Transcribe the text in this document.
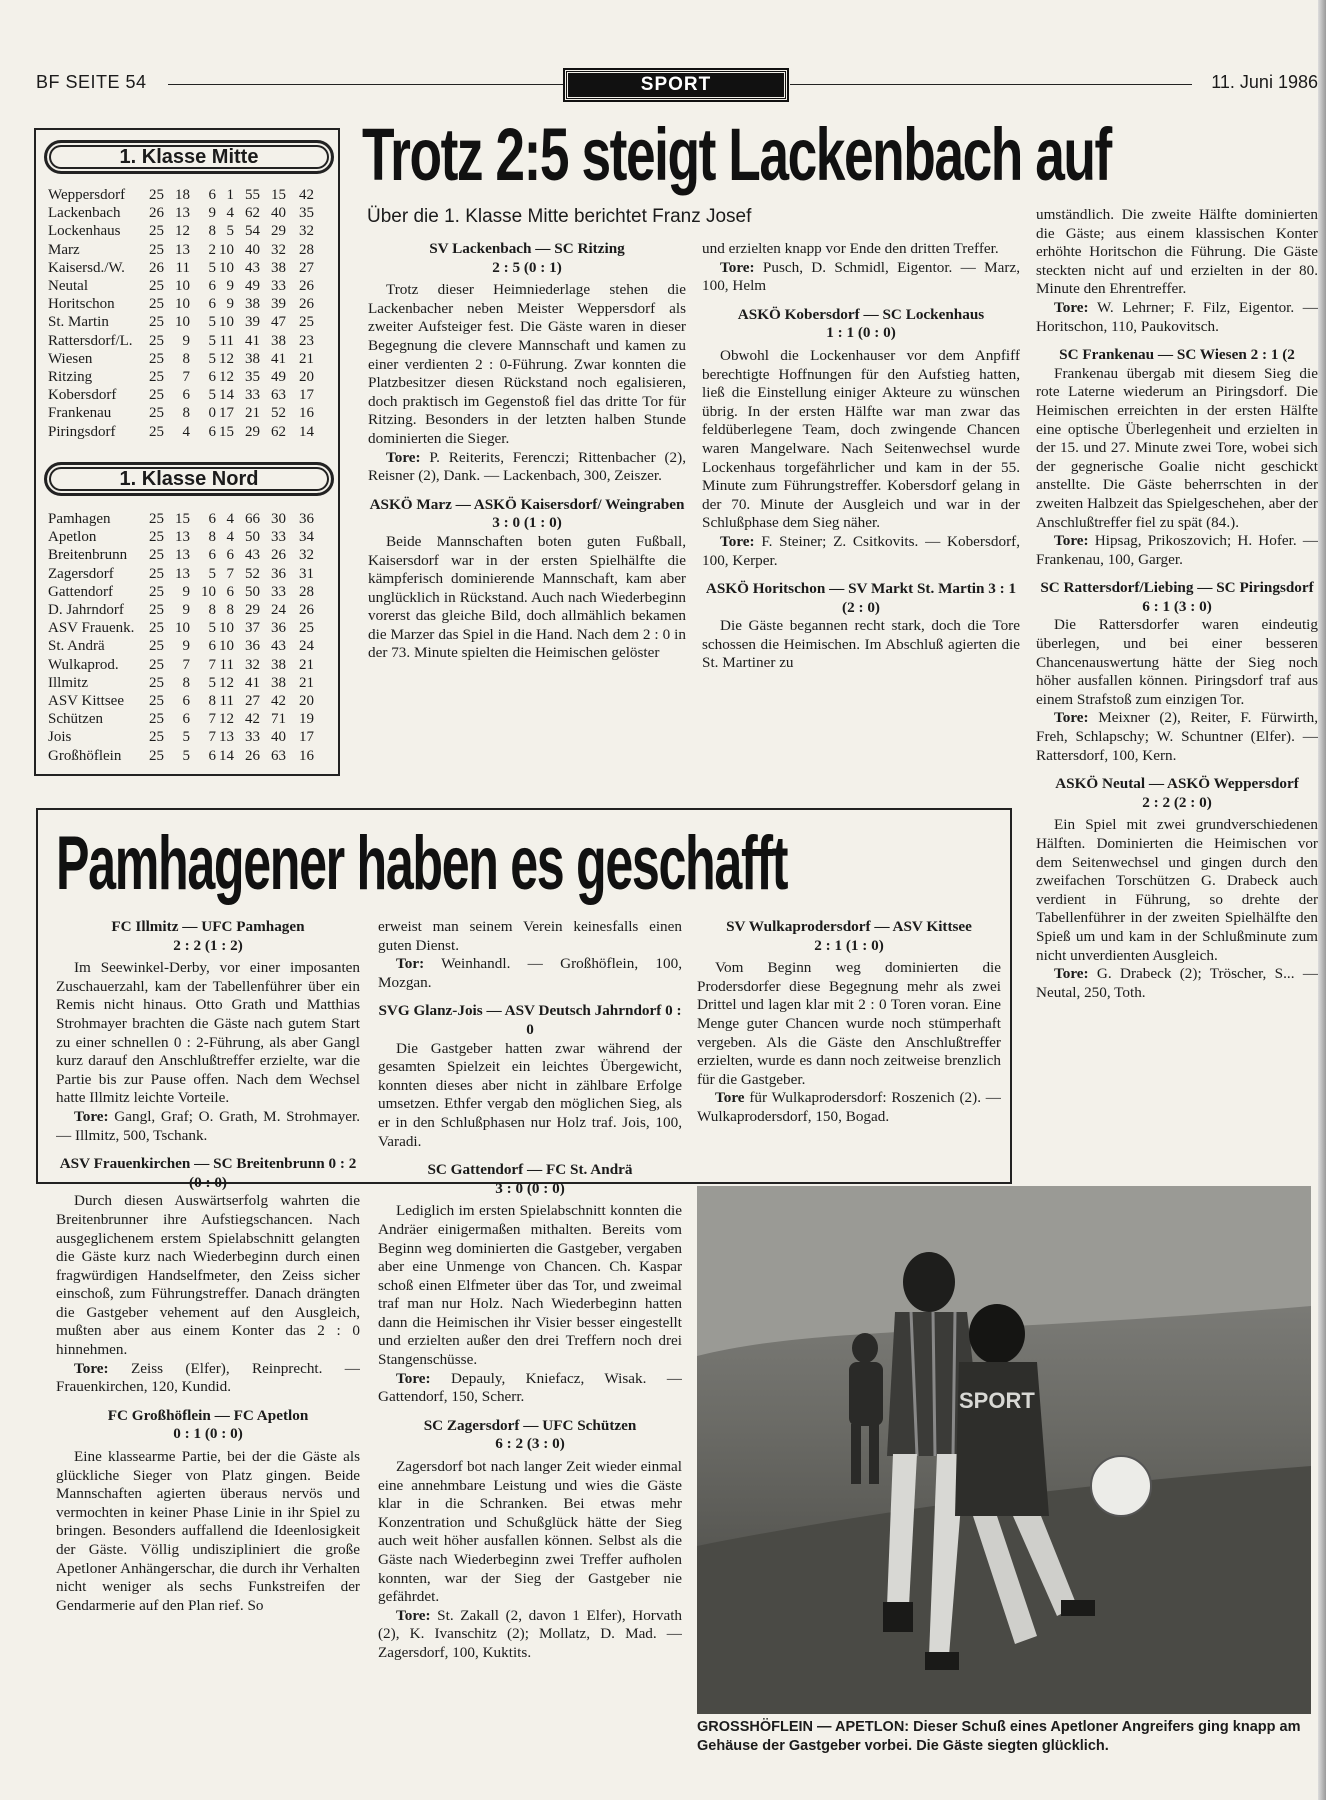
BF SEITE 54	SPORT	11. Juni 1986
1. Klasse Mitte
Weppersdorf	25	18	6	1	55	15	42
Lackenbach	26	13	9	4	62	40	35
Lockenhaus	25	12	8	5	54	29	32
Marz	25	13	2	10	40	32	28
Kaisersd./W.	26	11	5	10	43	38	27
Neutal	25	10	6	9	49	33	26
Horitschon	25	10	6	9	38	39	26
St. Martin	25	10	5	10	39	47	25
Rattersdorf/L.	25	9	5	11	41	38	23
Wiesen	25	8	5	12	38	41	21
Ritzing	25	7	6	12	35	49	20
Kobersdorf	25	6	5	14	33	63	17
Frankenau	25	8	0	17	21	52	16
Piringsdorf	25	4	6	15	29	62	14
1. Klasse Nord
Pamhagen	25	15	6	4	66	30	36
Apetlon	25	13	8	4	50	33	34
Breitenbrunn	25	13	6	6	43	26	32
Zagersdorf	25	13	5	7	52	36	31
Gattendorf	25	9	10	6	50	33	28
D. Jahrndorf	25	9	8	8	29	24	26
ASV Frauenk.	25	10	5	10	37	36	25
St. Andrä	25	9	6	10	36	43	24
Wulkaprod.	25	7	7	11	32	38	21
Illmitz	25	8	5	12	41	38	21
ASV Kittsee	25	6	8	11	27	42	20
Schützen	25	6	7	12	42	71	19
Jois	25	5	7	13	33	40	17
Großhöflein	25	5	6	14	26	63	16
Trotz 2:5 steigt Lackenbach auf
Über die 1. Klasse Mitte berichtet Franz Josef
SV Lackenbach — SC Ritzing
2 : 5 (0 : 1)
Trotz dieser Heimniederlage stehen die Lackenbacher neben Meister Weppersdorf als zweiter Aufsteiger fest. Die Gäste waren in dieser Begegnung die clevere Mannschaft und kamen zu einer verdienten 2 : 0-Führung. Zwar konnten die Platzbesitzer diesen Rückstand noch egalisieren, doch praktisch im Gegenstoß fiel das dritte Tor für Ritzing. Besonders in der letzten halben Stunde dominierten die Sieger.
Tore: P. Reiterits, Ferenczi; Rittenbacher (2), Reisner (2), Dank. — Lackenbach, 300, Zeiszer.
ASKÖ Marz — ASKÖ Kaisersdorf/ Weingraben 3 : 0 (1 : 0)
Beide Mannschaften boten guten Fußball, Kaisersdorf war in der ersten Spielhälfte die kämpferisch dominierende Mannschaft, kam aber unglücklich in Rückstand. Auch nach Wiederbeginn vorerst das gleiche Bild, doch allmählich bekamen die Marzer das Spiel in die Hand. Nach dem 2 : 0 in der 73. Minute spielten die Heimischen gelöster
und erzielten knapp vor Ende den dritten Treffer.
Tore: Pusch, D. Schmidl, Eigentor. — Marz, 100, Helm
ASKÖ Kobersdorf — SC Lockenhaus
1 : 1 (0 : 0)
Obwohl die Lockenhauser vor dem Anpfiff berechtigte Hoffnungen für den Aufstieg hatten, ließ die Einstellung einiger Akteure zu wünschen übrig. In der ersten Hälfte war man zwar das feldüberlegene Team, doch zwingende Chancen waren Mangelware. Nach Seitenwechsel wurde Lockenhaus torgefährlicher und kam in der 55. Minute zum Führungstreffer. Kobersdorf gelang in der 70. Minute der Ausgleich und war in der Schlußphase dem Sieg näher.
Tore: F. Steiner; Z. Csitkovits. — Kobersdorf, 100, Kerper.
ASKÖ Horitschon — SV Markt St. Martin 3 : 1 (2 : 0)
Die Gäste begannen recht stark, doch die Tore schossen die Heimischen. Im Abschluß agierten die St. Martiner zu
umständlich. Die zweite Hälfte dominierten die Gäste; aus einem klassischen Konter erhöhte Horitschon die Führung. Die Gäste steckten nicht auf und erzielten in der 80. Minute den Ehrentreffer.
Tore: W. Lehrner; F. Filz, Eigentor. — Horitschon, 110, Paukovitsch.
SC Frankenau — SC Wiesen 2 : 1 (2
Frankenau übergab mit diesem Sieg die rote Laterne wiederum an Piringsdorf. Die Heimischen erreichten in der ersten Hälfte eine optische Überlegenheit und erzielten in der 15. und 27. Minute zwei Tore, wobei sich der gegnerische Goalie nicht geschickt anstellte. Die Gäste beherrschten in der zweiten Halbzeit das Spielgeschehen, aber der Anschlußtreffer fiel zu spät (84.).
Tore: Hipsag, Prikoszovich; H. Hofer. — Frankenau, 100, Garger.
SC Rattersdorf/Liebing — SC Piringsdorf 6 : 1 (3 : 0)
Die Rattersdorfer waren eindeutig überlegen, und bei einer besseren Chancenauswertung hätte der Sieg noch höher ausfallen können. Piringsdorf traf aus einem Strafstoß zum einzigen Tor.
Tore: Meixner (2), Reiter, F. Fürwirth, Freh, Schlapschy; W. Schuntner (Elfer). — Rattersdorf, 100, Kern.
ASKÖ Neutal — ASKÖ Weppersdorf
2 : 2 (2 : 0)
Ein Spiel mit zwei grundverschiedenen Hälften. Dominierten die Heimischen vor dem Seitenwechsel und gingen durch den zweifachen Torschützen G. Drabeck auch verdient in Führung, so drehte der Tabellenführer in der zweiten Spielhälfte den Spieß um und kam in der Schlußminute zum nicht unverdienten Ausgleich.
Tore: G. Drabeck (2); Tröscher, S... — Neutal, 250, Toth.
Pamhagener haben es geschafft
FC Illmitz — UFC Pamhagen
2 : 2 (1 : 2)
Im Seewinkel-Derby, vor einer imposanten Zuschauerzahl, kam der Tabellenführer über ein Remis nicht hinaus. Otto Grath und Matthias Strohmayer brachten die Gäste nach gutem Start zu einer schnellen 0 : 2-Führung, als aber Gangl kurz darauf den Anschlußtreffer erzielte, war die Partie bis zur Pause offen. Nach dem Wechsel hatte Illmitz leichte Vorteile.
Tore: Gangl, Graf; O. Grath, M. Strohmayer. — Illmitz, 500, Tschank.
ASV Frauenkirchen — SC Breitenbrunn 0 : 2 (0 : 0)
Durch diesen Auswärtserfolg wahrten die Breitenbrunner ihre Aufstiegschancen. Nach ausgeglichenem erstem Spielabschnitt gelangten die Gäste kurz nach Wiederbeginn durch einen fragwürdigen Handselfmeter, den Zeiss sicher einschoß, zum Führungstreffer. Danach drängten die Gastgeber vehement auf den Ausgleich, mußten aber aus einem Konter das 2 : 0 hinnehmen.
Tore: Zeiss (Elfer), Reinprecht. — Frauenkirchen, 120, Kundid.
FC Großhöflein — FC Apetlon
0 : 1 (0 : 0)
Eine klassearme Partie, bei der die Gäste als glückliche Sieger von Platz gingen. Beide Mannschaften agierten überaus nervös und vermochten in keiner Phase Linie in ihr Spiel zu bringen. Besonders auffallend die Ideenlosigkeit der Gäste. Völlig undiszipliniert die große Apetloner Anhängerschar, die durch ihr Verhalten nicht weniger als sechs Funkstreifen der Gendarmerie auf den Plan rief. So
erweist man seinem Verein keinesfalls einen guten Dienst.
Tor: Weinhandl. — Großhöflein, 100, Mozgan.
SVG Glanz-Jois — ASV Deutsch Jahrndorf 0 : 0
Die Gastgeber hatten zwar während der gesamten Spielzeit ein leichtes Übergewicht, konnten dieses aber nicht in zählbare Erfolge umsetzen. Ethfer vergab den möglichen Sieg, als er in den Schlußphasen nur Holz traf. Jois, 100, Varadi.
SC Gattendorf — FC St. Andrä
3 : 0 (0 : 0)
Lediglich im ersten Spielabschnitt konnten die Andräer einigermaßen mithalten. Bereits vom Beginn weg dominierten die Gastgeber, vergaben aber eine Unmenge von Chancen. Ch. Kaspar schoß einen Elfmeter über das Tor, und zweimal traf man nur Holz. Nach Wiederbeginn hatten dann die Heimischen ihr Visier besser eingestellt und erzielten außer den drei Treffern noch drei Stangenschüsse.
Tore: Depauly, Kniefacz, Wisak. — Gattendorf, 150, Scherr.
SC Zagersdorf — UFC Schützen
6 : 2 (3 : 0)
Zagersdorf bot nach langer Zeit wieder einmal eine annehmbare Leistung und wies die Gäste klar in die Schranken. Bei etwas mehr Konzentration und Schußglück hätte der Sieg auch weit höher ausfallen können. Selbst als die Gäste nach Wiederbeginn zwei Treffer aufholen konnten, war der Sieg der Gastgeber nie gefährdet.
Tore: St. Zakall (2, davon 1 Elfer), Horvath (2), K. Ivanschitz (2); Mollatz, D. Mad. — Zagersdorf, 100, Kuktits.
SV Wulkaprodersdorf — ASV Kittsee
2 : 1 (1 : 0)
Vom Beginn weg dominierten die Prodersdorfer diese Begegnung mehr als zwei Drittel und lagen klar mit 2 : 0 Toren voran. Eine Menge guter Chancen wurde noch stümperhaft vergeben. Als die Gäste den Anschlußtreffer erzielten, wurde es dann noch zeitweise brenzlich für die Gastgeber.
Tore für Wulkaprodersdorf: Roszenich (2). — Wulkaprodersdorf, 150, Bogad.
SPORT
GROSSHÖFLEIN — APETLON: Dieser Schuß eines Apetloner Angreifers ging knapp am Gehäuse der Gastgeber vorbei. Die Gäste siegten glücklich.
